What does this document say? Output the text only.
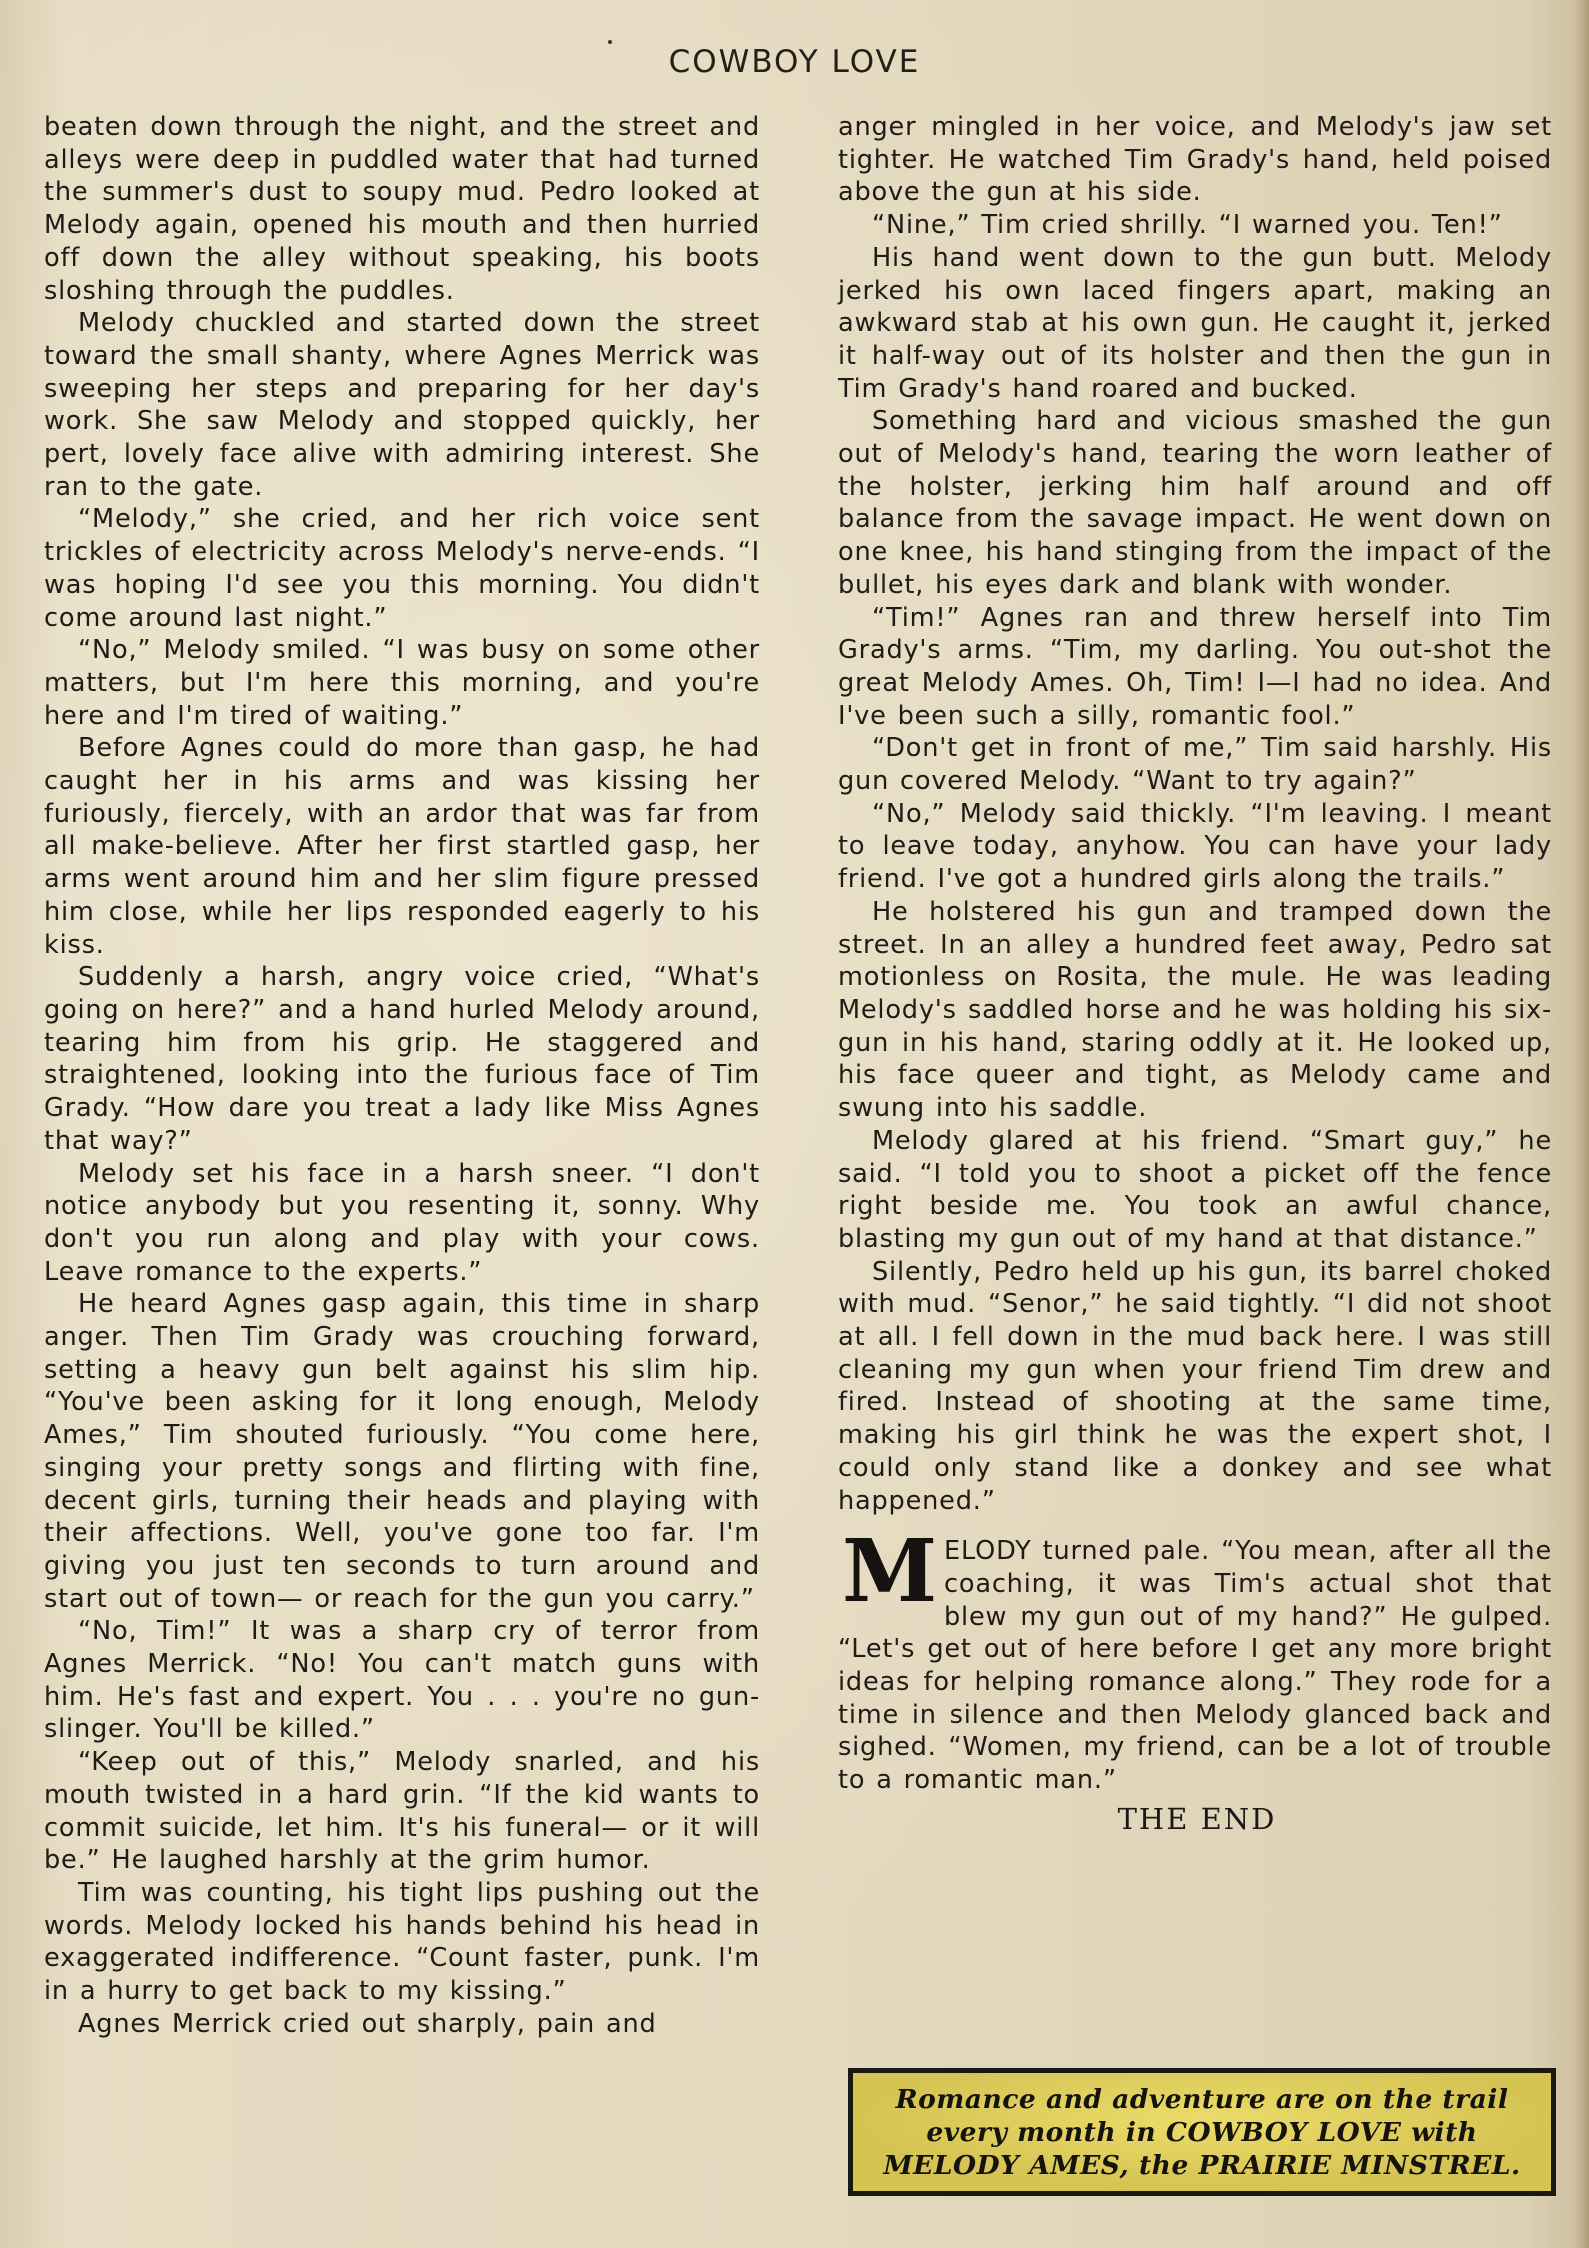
COWBOY LOVE

beaten down through the night, and the street and alleys were deep in puddled water that had turned the summer's dust to soupy mud. Pedro looked at Melody again, opened his mouth and then hurried off down the alley without speaking, his boots sloshing through the puddles.

Melody chuckled and started down the street toward the small shanty, where Agnes Merrick was sweeping her steps and preparing for her day's work. She saw Melody and stopped quickly, her pert, lovely face alive with admiring interest. She ran to the gate.

“Melody,” she cried, and her rich voice sent trickles of electricity across Melody's nerve-ends. “I was hoping I'd see you this morning. You didn't come around last night.”

“No,” Melody smiled. “I was busy on some other matters, but I'm here this morning, and you're here and I'm tired of waiting.”

Before Agnes could do more than gasp, he had caught her in his arms and was kissing her furiously, fiercely, with an ardor that was far from all make-believe. After her first startled gasp, her arms went around him and her slim figure pressed him close, while her lips responded eagerly to his kiss.

Suddenly a harsh, angry voice cried, “What's going on here?” and a hand hurled Melody around, tearing him from his grip. He staggered and straightened, looking into the furious face of Tim Grady. “How dare you treat a lady like Miss Agnes that way?”

Melody set his face in a harsh sneer. “I don't notice anybody but you resenting it, sonny. Why don't you run along and play with your cows. Leave romance to the experts.”

He heard Agnes gasp again, this time in sharp anger. Then Tim Grady was crouching forward, setting a heavy gun belt against his slim hip. “You've been asking for it long enough, Melody Ames,” Tim shouted furiously. “You come here, singing your pretty songs and flirting with fine, decent girls, turning their heads and playing with their affections. Well, you've gone too far. I'm giving you just ten seconds to turn around and start out of town— or reach for the gun you carry.”

“No, Tim!” It was a sharp cry of terror from Agnes Merrick. “No! You can't match guns with him. He's fast and expert. You . . . you're no gun-slinger. You'll be killed.”

“Keep out of this,” Melody snarled, and his mouth twisted in a hard grin. “If the kid wants to commit suicide, let him. It's his funeral— or it will be.” He laughed harshly at the grim humor.

Tim was counting, his tight lips pushing out the words. Melody locked his hands behind his head in exaggerated indifference. “Count faster, punk. I'm in a hurry to get back to my kissing.”

Agnes Merrick cried out sharply, pain and

anger mingled in her voice, and Melody's jaw set tighter. He watched Tim Grady's hand, held poised above the gun at his side.

“Nine,” Tim cried shrilly. “I warned you. Ten!”

His hand went down to the gun butt. Melody jerked his own laced fingers apart, making an awkward stab at his own gun. He caught it, jerked it half-way out of its holster and then the gun in Tim Grady's hand roared and bucked.

Something hard and vicious smashed the gun out of Melody's hand, tearing the worn leather of the holster, jerking him half around and off balance from the savage impact. He went down on one knee, his hand stinging from the impact of the bullet, his eyes dark and blank with wonder.

“Tim!” Agnes ran and threw herself into Tim Grady's arms. “Tim, my darling. You out-shot the great Melody Ames. Oh, Tim! I—I had no idea. And I've been such a silly, romantic fool.”

“Don't get in front of me,” Tim said harshly. His gun covered Melody. “Want to try again?”

“No,” Melody said thickly. “I'm leaving. I meant to leave today, anyhow. You can have your lady friend. I've got a hundred girls along the trails.”

He holstered his gun and tramped down the street. In an alley a hundred feet away, Pedro sat motionless on Rosita, the mule. He was leading Melody's saddled horse and he was holding his six-gun in his hand, staring oddly at it. He looked up, his face queer and tight, as Melody came and swung into his saddle.

Melody glared at his friend. “Smart guy,” he said. “I told you to shoot a picket off the fence right beside me. You took an awful chance, blasting my gun out of my hand at that distance.”

Silently, Pedro held up his gun, its barrel choked with mud. “Senor,” he said tightly. “I did not shoot at all. I fell down in the mud back here. I was still cleaning my gun when your friend Tim drew and fired. Instead of shooting at the same time, making his girl think he was the expert shot, I could only stand like a donkey and see what happened.”

MELODY turned pale. “You mean, after all the coaching, it was Tim's actual shot that blew my gun out of my hand?” He gulped. “Let's get out of here before I get any more bright ideas for helping romance along.” They rode for a time in silence and then Melody glanced back and sighed. “Women, my friend, can be a lot of trouble to a romantic man.”

THE END
Romance and adventure are on the trail
every month in COWBOY LOVE with
MELODY AMES, the PRAIRIE MINSTREL.
